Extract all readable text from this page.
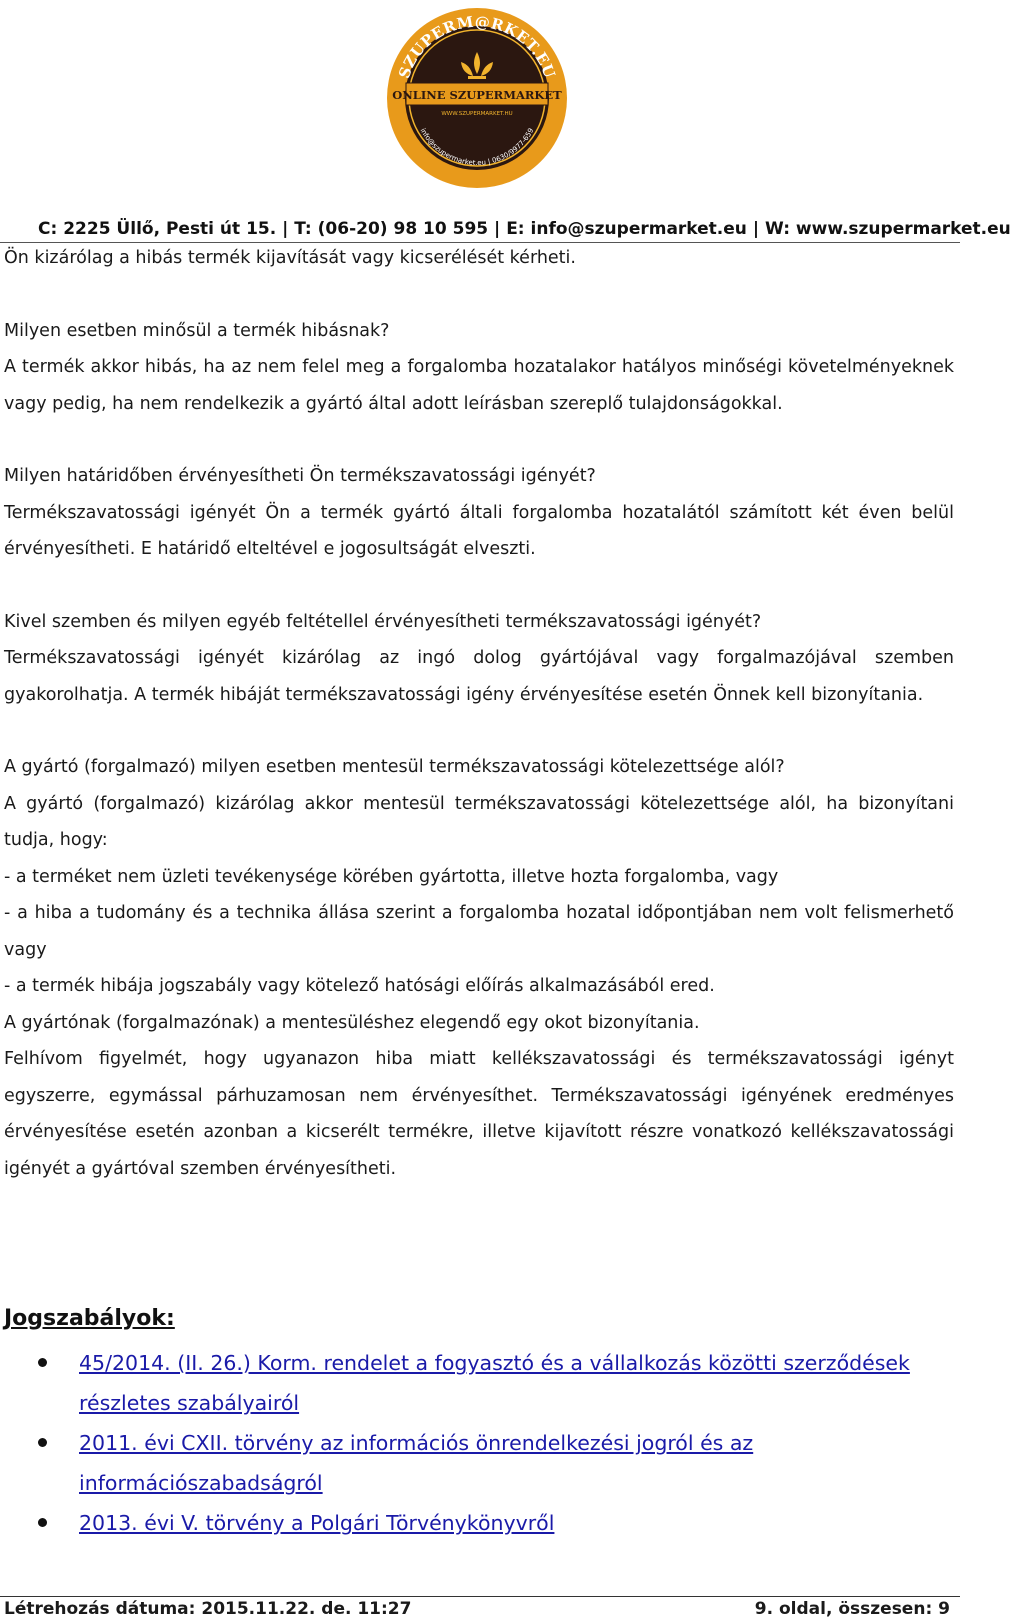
ONLINE SZUPERMARKET
WWW.SZUPERMARKET.HU
SZUPERM@RKET.EU
info@szupermarket.eu | 0630/9977-659
C: 2225 Üllő, Pesti út 15. | T: (06-20) 98 10 595 | E: info@szupermarket.eu | W: www.szupermarket.eu

Ön kizárólag a hibás termék kijavítását vagy kicserélését kérheti.

Milyen esetben minősül a termék hibásnak?

A termék akkor hibás, ha az nem felel meg a forgalomba hozatalakor hatályos minőségi követelményeknek vagy pedig, ha nem rendelkezik a gyártó által adott leírásban szereplő tulajdonságokkal.

Milyen határidőben érvényesítheti Ön termékszavatossági igényét?

Termékszavatossági igényét Ön a termék gyártó általi forgalomba hozatalától számított két éven belül érvényesítheti. E határidő elteltével e jogosultságát elveszti.

Kivel szemben és milyen egyéb feltétellel érvényesítheti termékszavatossági igényét?

Termékszavatossági igényét kizárólag az ingó dolog gyártójával vagy forgalmazójával szemben gyakorolhatja. A termék hibáját termékszavatossági igény érvényesítése esetén Önnek kell bizonyítania.

A gyártó (forgalmazó) milyen esetben mentesül termékszavatossági kötelezettsége alól?

A gyártó (forgalmazó) kizárólag akkor mentesül termékszavatossági kötelezettsége alól, ha bizonyítani tudja, hogy:

- a terméket nem üzleti tevékenysége körében gyártotta, illetve hozta forgalomba, vagy

- a hiba a tudomány és a technika állása szerint a forgalomba hozatal időpontjában nem volt felismerhető vagy

- a termék hibája jogszabály vagy kötelező hatósági előírás alkalmazásából ered.

A gyártónak (forgalmazónak) a mentesüléshez elegendő egy okot bizonyítania.

Felhívom figyelmét, hogy ugyanazon hiba miatt kellékszavatossági és termékszavatossági igényt egyszerre, egymással párhuzamosan nem érvényesíthet. Termékszavatossági igényének eredményes érvényesítése esetén azonban a kicserélt termékre, illetve kijavított részre vonatkozó kellékszavatossági igényét a gyártóval szemben érvényesítheti.

Jogszabályok:
45/2014. (II. 26.) Korm. rendelet a fogyasztó és a vállalkozás közötti szerződések részletes szabályairól
2011. évi CXII. törvény az információs önrendelkezési jogról és az információszabadságról
2013. évi V. törvény a Polgári Törvénykönyvről
Létrehozás dátuma: 2015.11.22. de. 11:27	9. oldal, összesen: 9
